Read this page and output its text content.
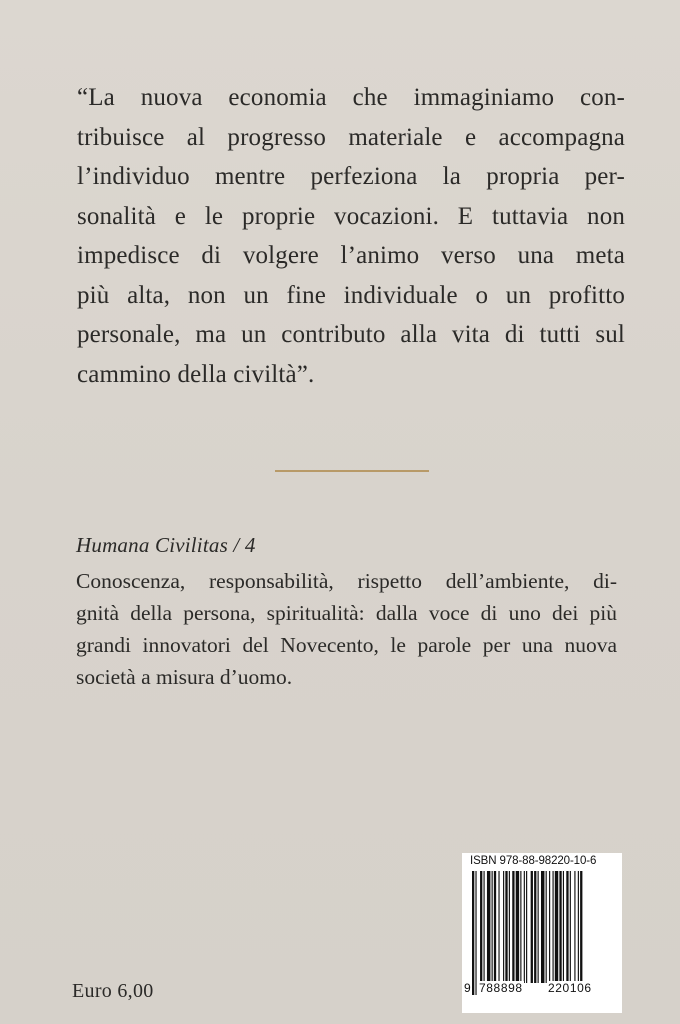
“La nuova economia che immaginiamo con-
tribuisce al progresso materiale e accompagna
l’individuo mentre perfeziona la propria per-
sonalità e le proprie vocazioni. E tuttavia non
impedisce di volgere l’animo verso una meta
più alta, non un fine individuale o un profitto
personale, ma un contributo alla vita di tutti sul
cammino della civiltà”.
Humana Civilitas / 4
Conoscenza, responsabilità, rispetto dell’ambiente, di-
gnità della persona, spiritualità: dalla voce di uno dei più
grandi innovatori del Novecento, le parole per una nuova
società a misura d’uomo.
Euro 6,00
ISBN 978-88-98220-10-6
9 788898 220106
